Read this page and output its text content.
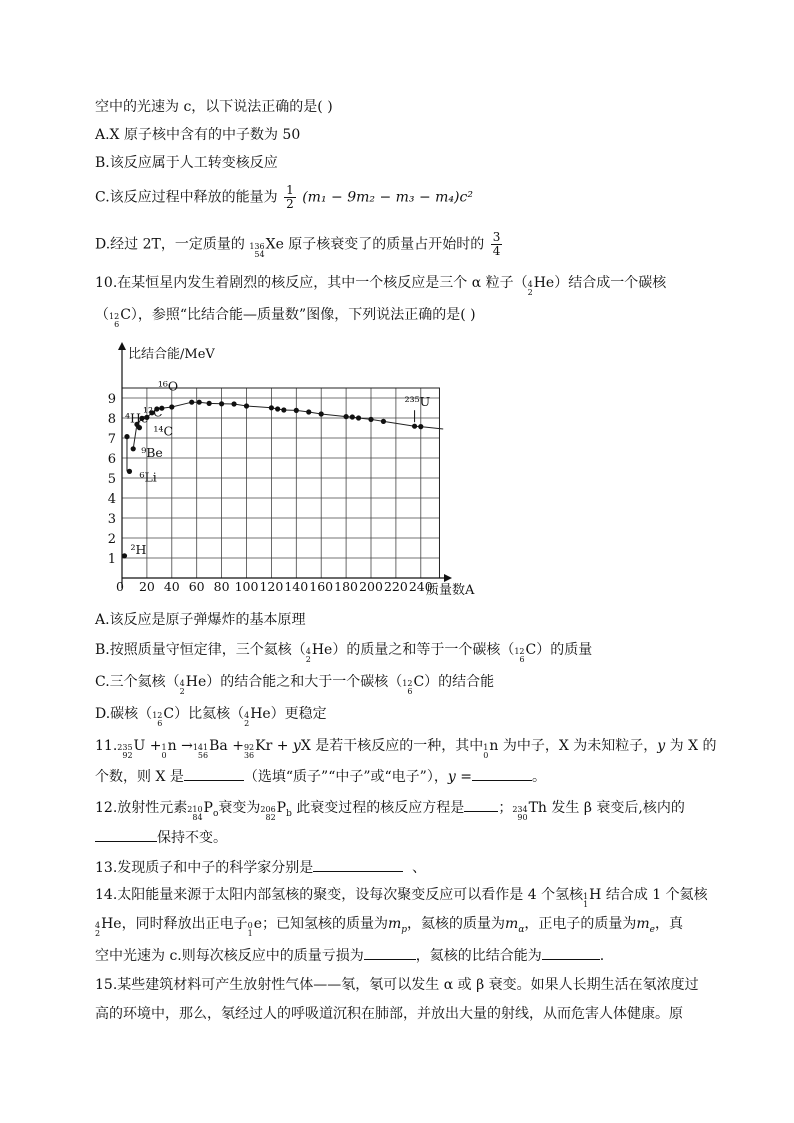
空中的光速为 c，以下说法正确的是( )
A.X 原子核中含有的中子数为 50
B.该反应属于人工转变核反应
C.该反应过程中释放的能量为 $\frac{1}{2} (m_1 - 9m_2 - m_3 - m_4)c^2$
D.经过 2T，一定质量的 136
54
Xe 原子核衰变了的质量占开始时的 $\frac{3}{4}$
10.在某恒星内发生着剧烈的核反应，其中一个核反应是三个 α 粒子（ 4
2
He）结合成一个碳核
（ 12
6
C），参照“比结合能—质量数”图像，下列说法正确的是( )
比结合能/MeV
质量数A
1
2
3
4
5
6
7
8
9
0 20 40 60 80 100 120 140 160 180 200 220 240
⁴He
¹⁶O
¹²C
⁹Be
¹⁴C
⁶Li
²H
²³⁵U
A.该反应是原子弹爆炸的基本原理
B.按照质量守恒定律，三个氦核（ 4
2
He）的质量之和等于一个碳核（ 12
6
C）的质量
C.三个氦核（ 4
2
He）的结合能之和大于一个碳核（ 12
6
C）的结合能
D.碳核（ 12
6
C）比氦核（ 4
2
He）更稳定
11. 235
92
U + 1
0
n → 141
56
Ba + 92
36
Kr + yX 是若干核反应的一种，其中 1
0
n 为中子，X 为未知粒子，y 为 X 的
个数，则 X 是	（选填“质子”“中子”或“电子”），y =	。
12.放射性元素 210
84
$P_o$衰变为 206
82
$P_b$ 此衰变过程的核反应方程是 ； 234
90
Th 发生 β 衰变后,核内的
保持不变。
13.发现质子和中子的科学家分别是	、
14.太阳能量来源于太阳内部氢核的聚变，设每次聚变反应可以看作是 4 个氢核 1
1
H 结合成 1 个氦核
4
2
He，同时释放出正电子 0
1
e；已知氢核的质量为$m_p$，氦核的质量为$m_\alpha$，正电子的质量为$m_e$，真
空中光速为 c.则每次核反应中的质量亏损为	，氦核的比结合能为	.
15.某些建筑材料可产生放射性气体——氡，氡可以发生 α 或 β 衰变。如果人长期生活在氡浓度过
高的环境中，那么，氡经过人的呼吸道沉积在肺部，并放出大量的射线，从而危害人体健康。原
